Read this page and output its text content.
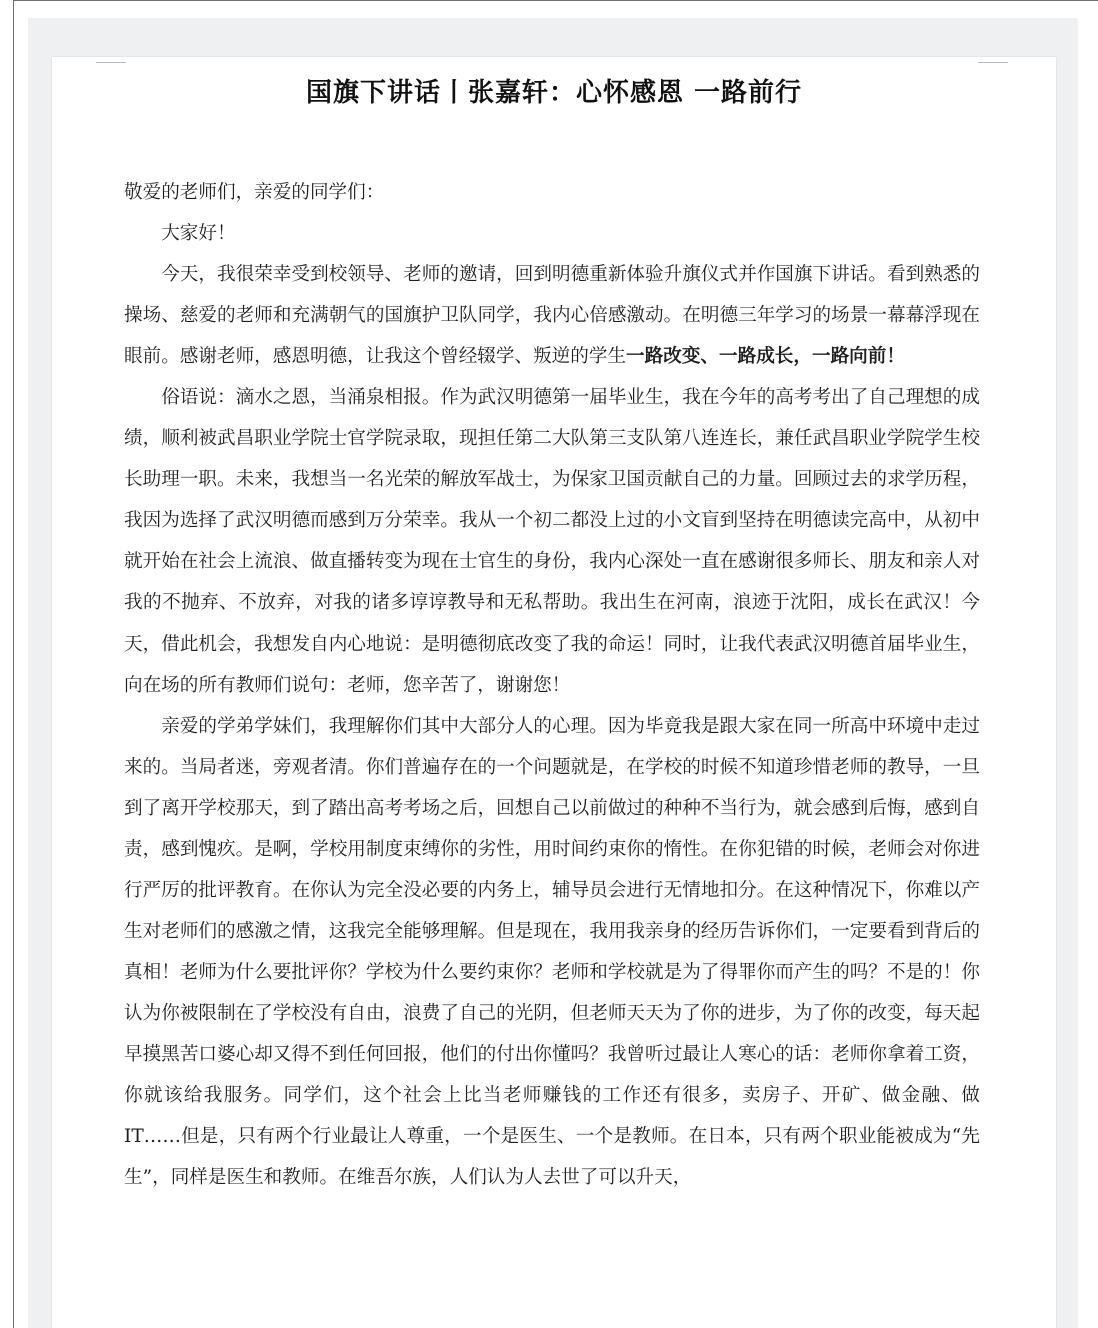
国旗下讲话丨张嘉轩：心怀感恩 一路前行

敬爱的老师们，亲爱的同学们：

大家好！

今天，我很荣幸受到校领导、老师的邀请，回到明德重新体验升旗仪式并作国旗下讲话。看到熟悉的操场、慈爱的老师和充满朝气的国旗护卫队同学，我内心倍感激动。在明德三年学习的场景一幕幕浮现在眼前。感谢老师，感恩明德，让我这个曾经辍学、叛逆的学生一路改变、一路成长，一路向前！

俗语说：滴水之恩，当涌泉相报。作为武汉明德第一届毕业生，我在今年的高考考出了自己理想的成绩，顺利被武昌职业学院士官学院录取，现担任第二大队第三支队第八连连长，兼任武昌职业学院学生校长助理一职。未来，我想当一名光荣的解放军战士，为保家卫国贡献自己的力量。回顾过去的求学历程，我因为选择了武汉明德而感到万分荣幸。我从一个初二都没上过的小文盲到坚持在明德读完高中，从初中就开始在社会上流浪、做直播转变为现在士官生的身份，我内心深处一直在感谢很多师长、朋友和亲人对我的不抛弃、不放弃，对我的诸多谆谆教导和无私帮助。我出生在河南，浪迹于沈阳，成长在武汉！今天，借此机会，我想发自内心地说：是明德彻底改变了我的命运！同时，让我代表武汉明德首届毕业生，向在场的所有教师们说句：老师，您辛苦了，谢谢您！

亲爱的学弟学妹们，我理解你们其中大部分人的心理。因为毕竟我是跟大家在同一所高中环境中走过来的。当局者迷，旁观者清。你们普遍存在的一个问题就是，在学校的时候不知道珍惜老师的教导，一旦到了离开学校那天，到了踏出高考考场之后，回想自己以前做过的种种不当行为，就会感到后悔，感到自责，感到愧疚。是啊，学校用制度束缚你的劣性，用时间约束你的惰性。在你犯错的时候，老师会对你进行严厉的批评教育。在你认为完全没必要的内务上，辅导员会进行无情地扣分。在这种情况下，你难以产生对老师们的感激之情，这我完全能够理解。但是现在，我用我亲身的经历告诉你们，一定要看到背后的真相！老师为什么要批评你？学校为什么要约束你？老师和学校就是为了得罪你而产生的吗？不是的！你认为你被限制在了学校没有自由，浪费了自己的光阴，但老师天天为了你的进步，为了你的改变，每天起早摸黑苦口婆心却又得不到任何回报，他们的付出你懂吗？我曾听过最让人寒心的话：老师你拿着工资，你就该给我服务。同学们，这个社会上比当老师赚钱的工作还有很多，卖房子、开矿、做金融、做 IT……但是，只有两个行业最让人尊重，一个是医生、一个是教师。在日本，只有两个职业能被成为“先生”，同样是医生和教师。在维吾尔族，人们认为人去世了可以升天，
